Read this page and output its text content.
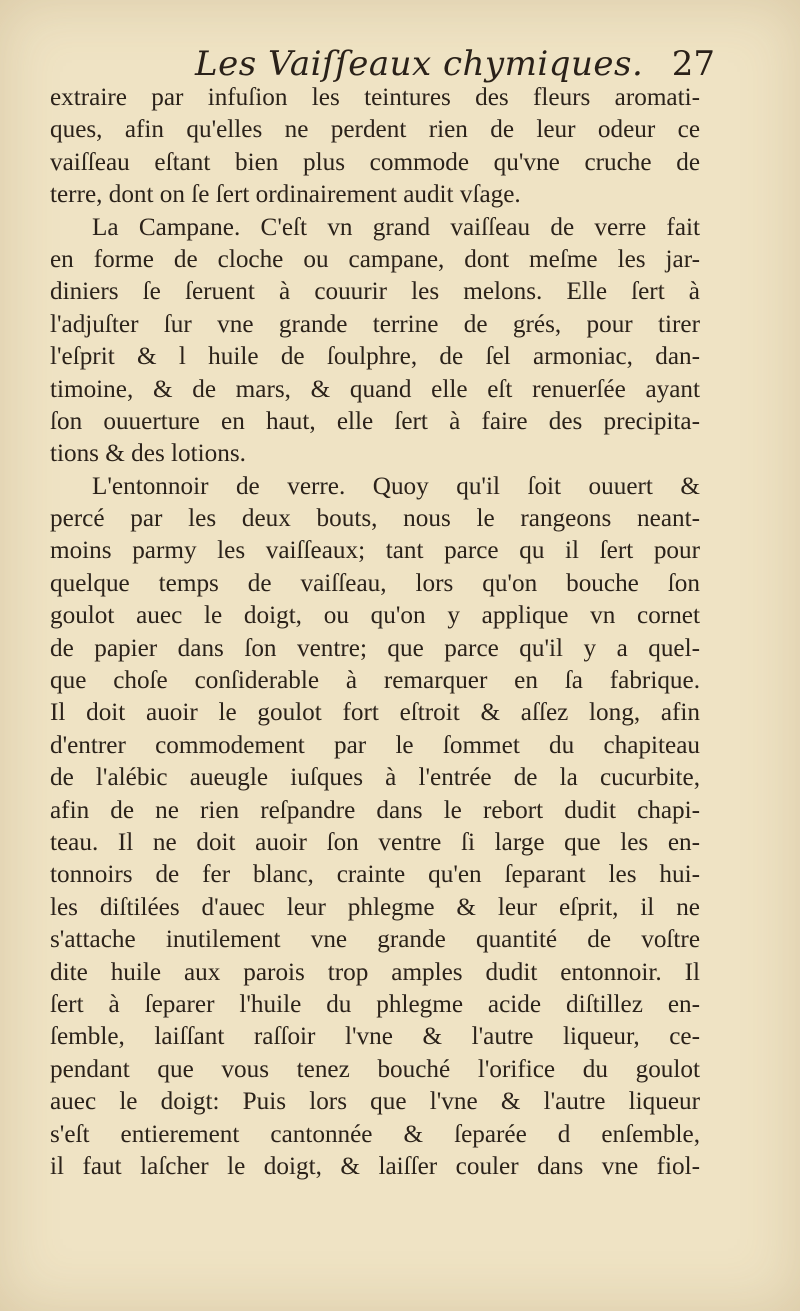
Les Vaiſſeaux chymiques. 27
extraire par infuſion les teintures des fleurs aromati-
ques, afin qu'elles ne perdent rien de leur odeur ce
vaiſſeau eſtant bien plus commode qu'vne cruche de
terre, dont on ſe ſert ordinairement audit vſage.
La Campane. C'eſt vn grand vaiſſeau de verre fait
en forme de cloche ou campane, dont meſme les jar-
diniers ſe ſeruent à couurir les melons. Elle ſert à
l'adjuſter ſur vne grande terrine de grés, pour tirer
l'eſprit & l huile de ſoulphre, de ſel armoniac, dan-
timoine, & de mars, & quand elle eſt renuerſée ayant
ſon ouuerture en haut, elle ſert à faire des precipita-
tions & des lotions.
L'entonnoir de verre. Quoy qu'il ſoit ouuert &
percé par les deux bouts, nous le rangeons neant-
moins parmy les vaiſſeaux; tant parce qu il ſert pour
quelque temps de vaiſſeau, lors qu'on bouche ſon
goulot auec le doigt, ou qu'on y applique vn cornet
de papier dans ſon ventre; que parce qu'il y a quel-
que choſe conſiderable à remarquer en ſa fabrique.
Il doit auoir le goulot fort eſtroit & aſſez long, afin
d'entrer commodement par le ſommet du chapiteau
de l'alébic aueugle iuſques à l'entrée de la cucurbite,
afin de ne rien reſpandre dans le rebort dudit chapi-
teau. Il ne doit auoir ſon ventre ſi large que les en-
tonnoirs de fer blanc, crainte qu'en ſeparant les hui-
les diſtilées d'auec leur phlegme & leur eſprit, il ne
s'attache inutilement vne grande quantité de voſtre
dite huile aux parois trop amples dudit entonnoir. Il
ſert à ſeparer l'huile du phlegme acide diſtillez en-
ſemble, laiſſant raſſoir l'vne & l'autre liqueur, ce-
pendant que vous tenez bouché l'orifice du goulot
auec le doigt: Puis lors que l'vne & l'autre liqueur
s'eſt entierement cantonnée & ſeparée d enſemble,
il faut laſcher le doigt, & laiſſer couler dans vne fiol-
